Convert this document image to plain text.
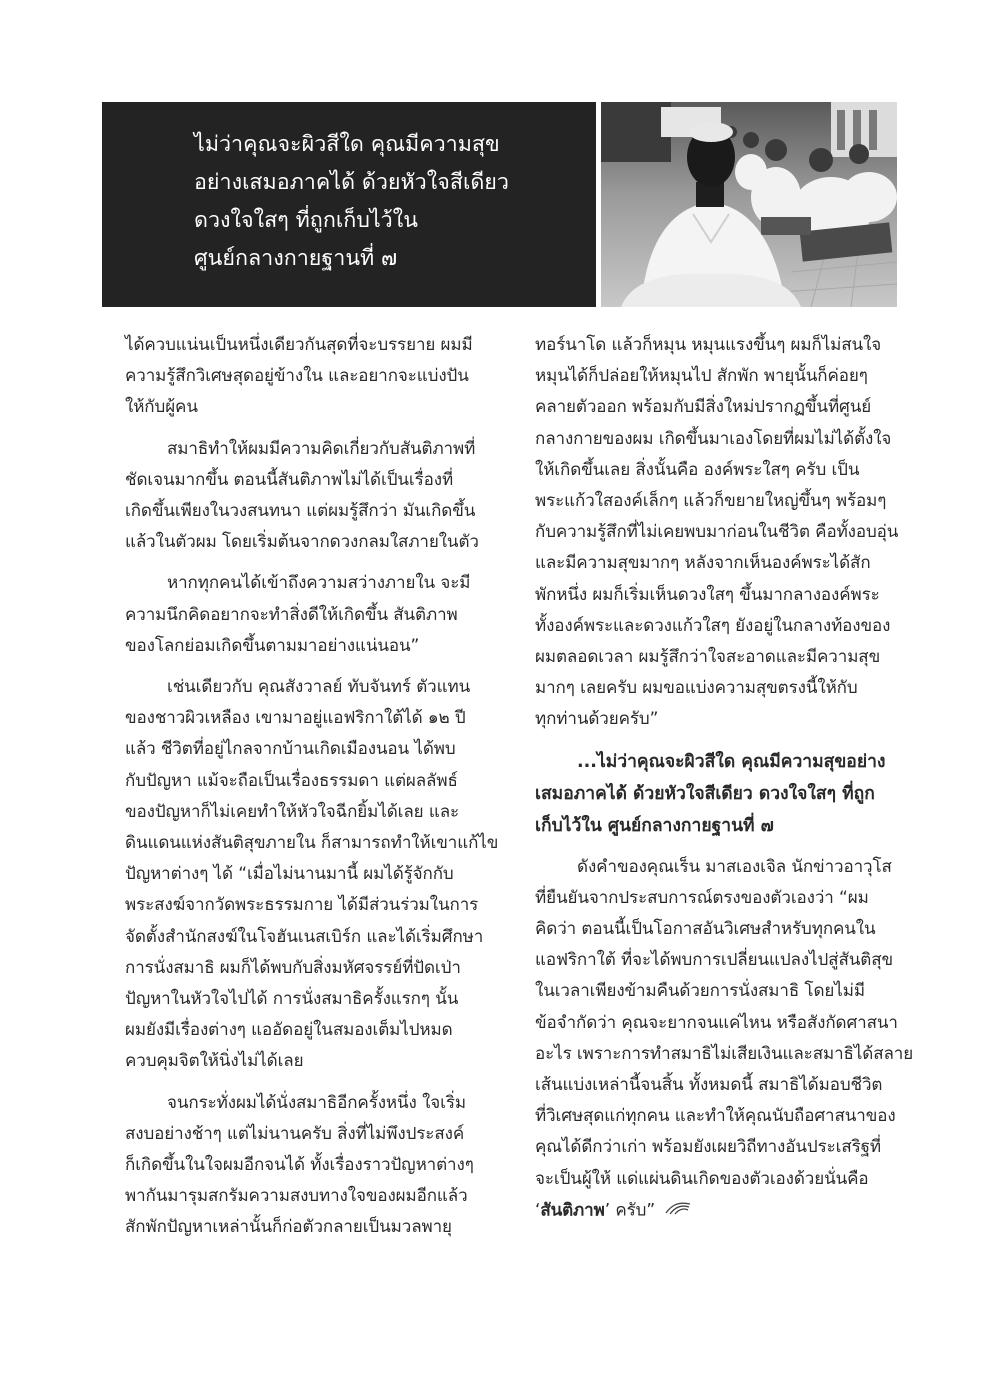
ไม่ว่าคุณจะผิวสีใด คุณมีความสุข
อย่างเสมอภาคได้ ด้วยหัวใจสีเดียว
ดวงใจใสๆ ที่ถูกเก็บไว้ใน
ศูนย์กลางกายฐานที่ ๗
ได้ควบแน่นเป็นหนึ่งเดียวกันสุดที่จะบรรยาย ผมมี
ความรู้สึกวิเศษสุดอยู่ข้างใน และอยากจะแบ่งปัน
ให้กับผู้คน
สมาธิทำให้ผมมีความคิดเกี่ยวกับสันติภาพที่
ชัดเจนมากขึ้น ตอนนี้สันติภาพไม่ได้เป็นเรื่องที่
เกิดขึ้นเพียงในวงสนทนา แต่ผมรู้สึกว่า มันเกิดขึ้น
แล้วในตัวผม โดยเริ่มต้นจากดวงกลมใสภายในตัว
หากทุกคนได้เข้าถึงความสว่างภายใน จะมี
ความนึกคิดอยากจะทำสิ่งดีให้เกิดขึ้น สันติภาพ
ของโลกย่อมเกิดขึ้นตามมาอย่างแน่นอน”
เช่นเดียวกับ คุณสังวาลย์ ทับจันทร์ ตัวแทน
ของชาวผิวเหลือง เขามาอยู่แอฟริกาใต้ได้ ๑๒ ปี
แล้ว ชีวิตที่อยู่ไกลจากบ้านเกิดเมืองนอน ได้พบ
กับปัญหา แม้จะถือเป็นเรื่องธรรมดา แต่ผลลัพธ์
ของปัญหาก็ไม่เคยทำให้หัวใจฉีกยิ้มได้เลย และ
ดินแดนแห่งสันติสุขภายใน ก็สามารถทำให้เขาแก้ไข
ปัญหาต่างๆ ได้ “เมื่อไม่นานมานี้ ผมได้รู้จักกับ
พระสงฆ์จากวัดพระธรรมกาย ได้มีส่วนร่วมในการ
จัดตั้งสำนักสงฆ์ในโจฮันเนสเบิร์ก และได้เริ่มศึกษา
การนั่งสมาธิ ผมก็ได้พบกับสิ่งมหัศจรรย์ที่ปัดเป่า
ปัญหาในหัวใจไปได้ การนั่งสมาธิครั้งแรกๆ นั้น
ผมยังมีเรื่องต่างๆ แออัดอยู่ในสมองเต็มไปหมด
ควบคุมจิตให้นิ่งไม่ได้เลย
จนกระทั่งผมได้นั่งสมาธิอีกครั้งหนึ่ง ใจเริ่ม
สงบอย่างช้าๆ แต่ไม่นานครับ สิ่งที่ไม่พึงประสงค์
ก็เกิดขึ้นในใจผมอีกจนได้ ทั้งเรื่องราวปัญหาต่างๆ
พากันมารุมสกรัมความสงบทางใจของผมอีกแล้ว
สักพักปัญหาเหล่านั้นก็ก่อตัวกลายเป็นมวลพายุ
ทอร์นาโด แล้วก็หมุน หมุนแรงขึ้นๆ ผมก็ไม่สนใจ
หมุนได้ก็ปล่อยให้หมุนไป สักพัก พายุนั้นก็ค่อยๆ
คลายตัวออก พร้อมกับมีสิ่งใหม่ปรากฏขึ้นที่ศูนย์
กลางกายของผม เกิดขึ้นมาเองโดยที่ผมไม่ได้ตั้งใจ
ให้เกิดขึ้นเลย สิ่งนั้นคือ องค์พระใสๆ ครับ เป็น
พระแก้วใสองค์เล็กๆ แล้วก็ขยายใหญ่ขึ้นๆ พร้อมๆ
กับความรู้สึกที่ไม่เคยพบมาก่อนในชีวิต คือทั้งอบอุ่น
และมีความสุขมากๆ หลังจากเห็นองค์พระได้สัก
พักหนึ่ง ผมก็เริ่มเห็นดวงใสๆ ขึ้นมากลางองค์พระ
ทั้งองค์พระและดวงแก้วใสๆ ยังอยู่ในกลางท้องของ
ผมตลอดเวลา ผมรู้สึกว่าใจสะอาดและมีความสุข
มากๆ เลยครับ ผมขอแบ่งความสุขตรงนี้ให้กับ
ทุกท่านด้วยครับ”
...ไม่ว่าคุณจะผิวสีใด คุณมีความสุขอย่าง
เสมอภาคได้ ด้วยหัวใจสีเดียว ดวงใจใสๆ ที่ถูก
เก็บไว้ใน ศูนย์กลางกายฐานที่ ๗
ดังคำของคุณเร็น มาสเองเจิล นักข่าวอาวุโส
ที่ยืนยันจากประสบการณ์ตรงของตัวเองว่า “ผม
คิดว่า ตอนนี้เป็นโอกาสอันวิเศษสำหรับทุกคนใน
แอฟริกาใต้ ที่จะได้พบการเปลี่ยนแปลงไปสู่สันติสุข
ในเวลาเพียงข้ามคืนด้วยการนั่งสมาธิ โดยไม่มี
ข้อจำกัดว่า คุณจะยากจนแค่ไหน หรือสังกัดศาสนา
อะไร เพราะการทำสมาธิไม่เสียเงินและสมาธิได้สลาย
เส้นแบ่งเหล่านี้จนสิ้น ทั้งหมดนี้ สมาธิได้มอบชีวิต
ที่วิเศษสุดแก่ทุกคน และทำให้คุณนับถือศาสนาของ
คุณได้ดีกว่าเก่า พร้อมยังเผยวิถีทางอันประเสริฐที่
จะเป็นผู้ให้ แด่แผ่นดินเกิดของตัวเองด้วยนั่นคือ
‘สันติภาพ’ ครับ”
